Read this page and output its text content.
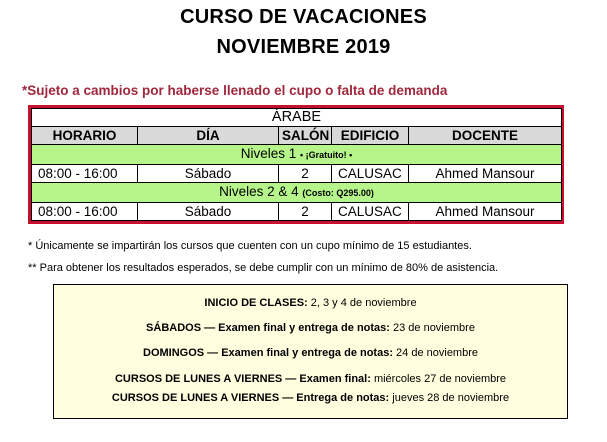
CURSO DE VACACIONES
NOVIEMBRE 2019
*Sujeto a cambios por haberse llenado el cupo o falta de demanda
ÁRABE				
HORARIO	DÍA	SALÓN	EDIFICIO	DOCENTE
Niveles 1 • ¡Gratuito! •				
08:00 - 16:00	Sábado	2	CALUSAC	Ahmed Mansour
Niveles 2 & 4 (Costo: Q295.00)				
08:00 - 16:00	Sábado	2	CALUSAC	Ahmed Mansour
* Únicamente se impartirán los cursos que cuenten con un cupo mínimo de 15 estudiantes.
** Para obtener los resultados esperados, se debe cumplir con un mínimo de 80% de asistencia.
INICIO DE CLASES: 2, 3 y 4 de noviembre
SÁBADOS — Examen final y entrega de notas: 23 de noviembre
DOMINGOS — Examen final y entrega de notas: 24 de noviembre
CURSOS DE LUNES A VIERNES — Examen final: miércoles 27 de noviembre
CURSOS DE LUNES A VIERNES — Entrega de notas: jueves 28 de noviembre
